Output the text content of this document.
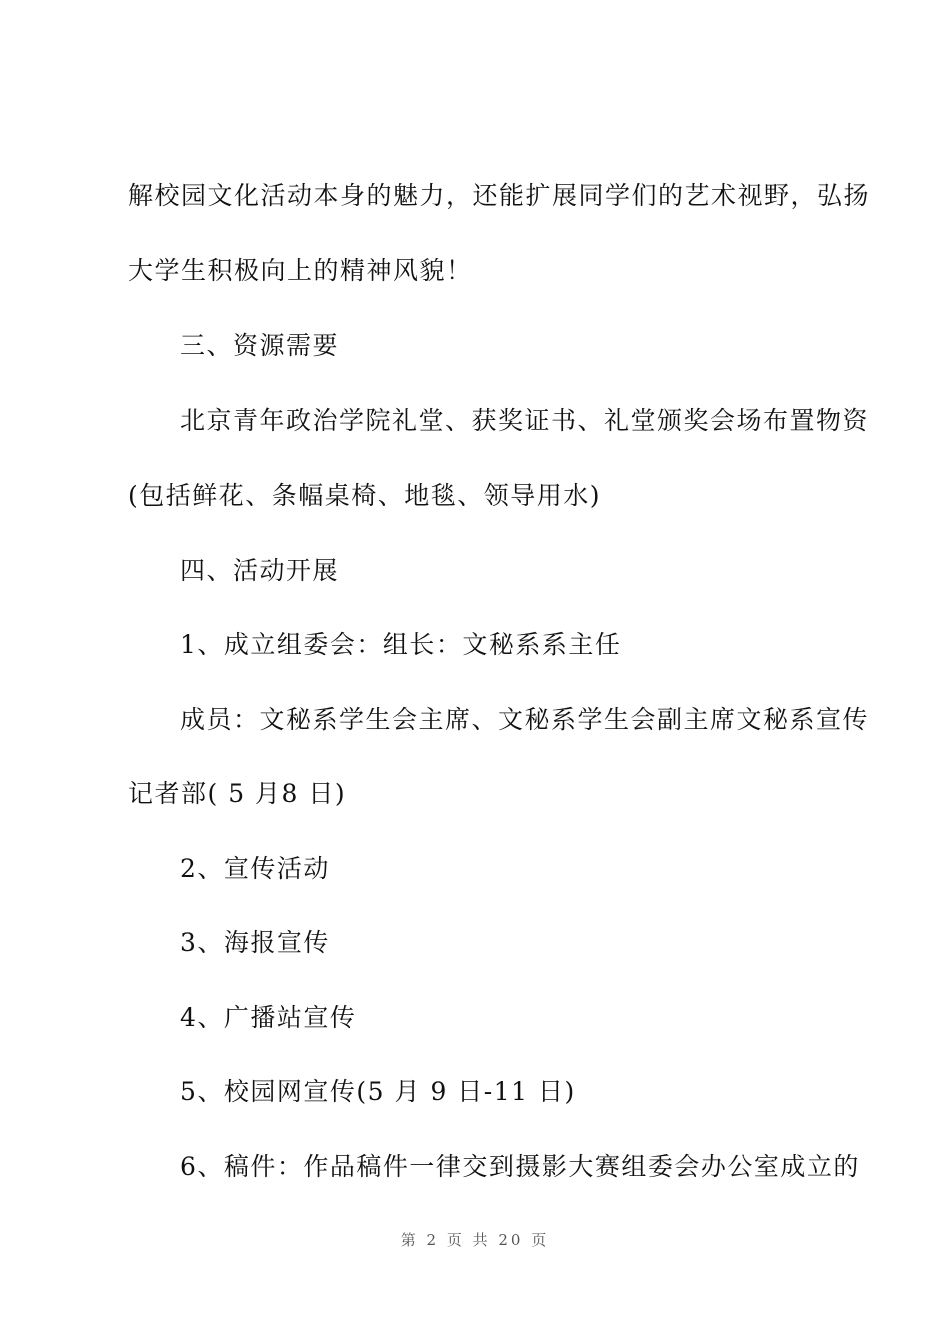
解校园文化活动本身的魅力，还能扩展同学们的艺术视野，弘扬
大学生积极向上的精神风貌！
三、资源需要
北京青年政治学院礼堂、获奖证书、礼堂颁奖会场布置物资
(包括鲜花、条幅桌椅、地毯、领导用水)
四、活动开展
1、成立组委会：组长：文秘系系主任
成员：文秘系学生会主席、文秘系学生会副主席文秘系宣传
记者部( 5 月8 日)
2、宣传活动
3、海报宣传
4、广播站宣传
5、校园网宣传(5 月 9 日-11 日)
6、稿件：作品稿件一律交到摄影大赛组委会办公室成立的
第 2 页 共 20 页
